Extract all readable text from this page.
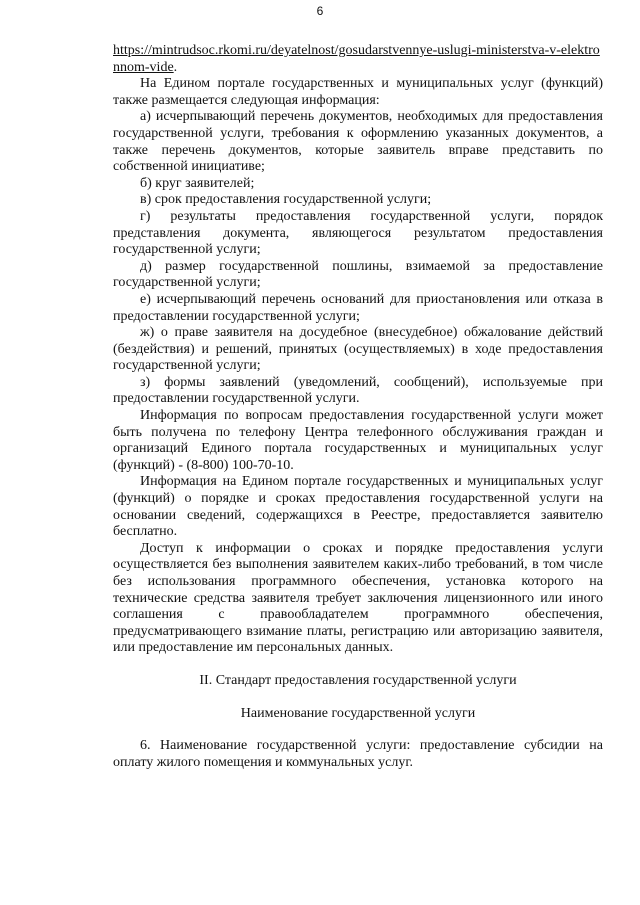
6

https://mintrudsoc.rkomi.ru/deyatelnost/gosudarstvennye-uslugi-ministerstva-v-elektronnom-vide.

На Едином портале государственных и муниципальных услуг (функций) также размещается следующая информация:

а) исчерпывающий перечень документов, необходимых для предоставления государственной услуги, требования к оформлению указанных документов, а также перечень документов, которые заявитель вправе представить по собственной инициативе;

б) круг заявителей;

в) срок предоставления государственной услуги;

г) результаты предоставления государственной услуги, порядок представления документа, являющегося результатом предоставления государственной услуги;

д) размер государственной пошлины, взимаемой за предоставление государственной услуги;

е) исчерпывающий перечень оснований для приостановления или отказа в предоставлении государственной услуги;

ж) о праве заявителя на досудебное (внесудебное) обжалование действий (бездействия) и решений, принятых (осуществляемых) в ходе предоставления государственной услуги;

з) формы заявлений (уведомлений, сообщений), используемые при предоставлении государственной услуги.

Информация по вопросам предоставления государственной услуги может быть получена по телефону Центра телефонного обслуживания граждан и организаций Единого портала государственных и муниципальных услуг (функций) - (8-800) 100-70-10.

Информация на Едином портале государственных и муниципальных услуг (функций) о порядке и сроках предоставления государственной услуги на основании сведений, содержащихся в Реестре, предоставляется заявителю бесплатно.

Доступ к информации о сроках и порядке предоставления услуги осуществляется без выполнения заявителем каких-либо требований, в том числе без использования программного обеспечения, установка которого на технические средства заявителя требует заключения лицензионного или иного соглашения с правообладателем программного обеспечения, предусматривающего взимание платы, регистрацию или авторизацию заявителя, или предоставление им персональных данных.

II. Стандарт предоставления государственной услуги

Наименование государственной услуги

6. Наименование государственной услуги: предоставление субсидии на оплату жилого помещения и коммунальных услуг.
